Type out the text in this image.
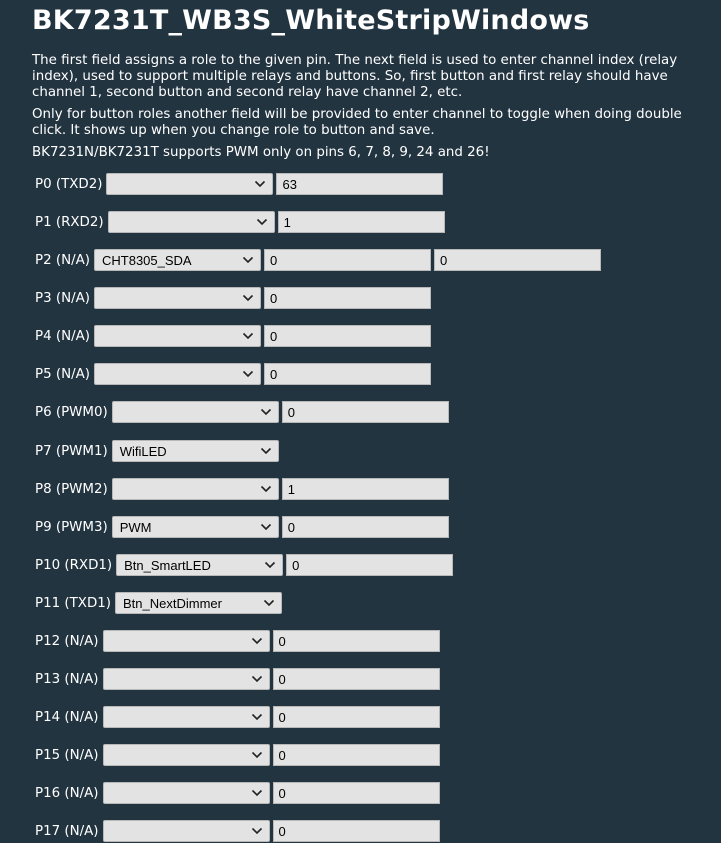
BK7231T_WB3S_WhiteStripWindows

The first field assigns a role to the given pin. The next field is used to enter channel index (relay index), used to support multiple relays and buttons. So, first button and first relay should have channel 1, second button and second relay have channel 2, etc.

Only for button roles another field will be provided to enter channel to toggle when doing double click. It shows up when you change role to button and save.

BK7231N/BK7231T supports PWM only on pins 6, 7, 8, 9, 24 and 26!

P0 (TXD2)	63
P1 (RXD2)	1
P2 (N/A) CHT8305_SDA	0	0
P3 (N/A)	0
P4 (N/A)	0
P5 (N/A)	0
P6 (PWM0)	0
P7 (PWM1) WifiLED
P8 (PWM2)	1
P9 (PWM3) PWM	0
P10 (RXD1) Btn_SmartLED	0
P11 (TXD1) Btn_NextDimmer
P12 (N/A)	0
P13 (N/A)	0
P14 (N/A)	0
P15 (N/A)	0
P16 (N/A)	0
P17 (N/A)	0
